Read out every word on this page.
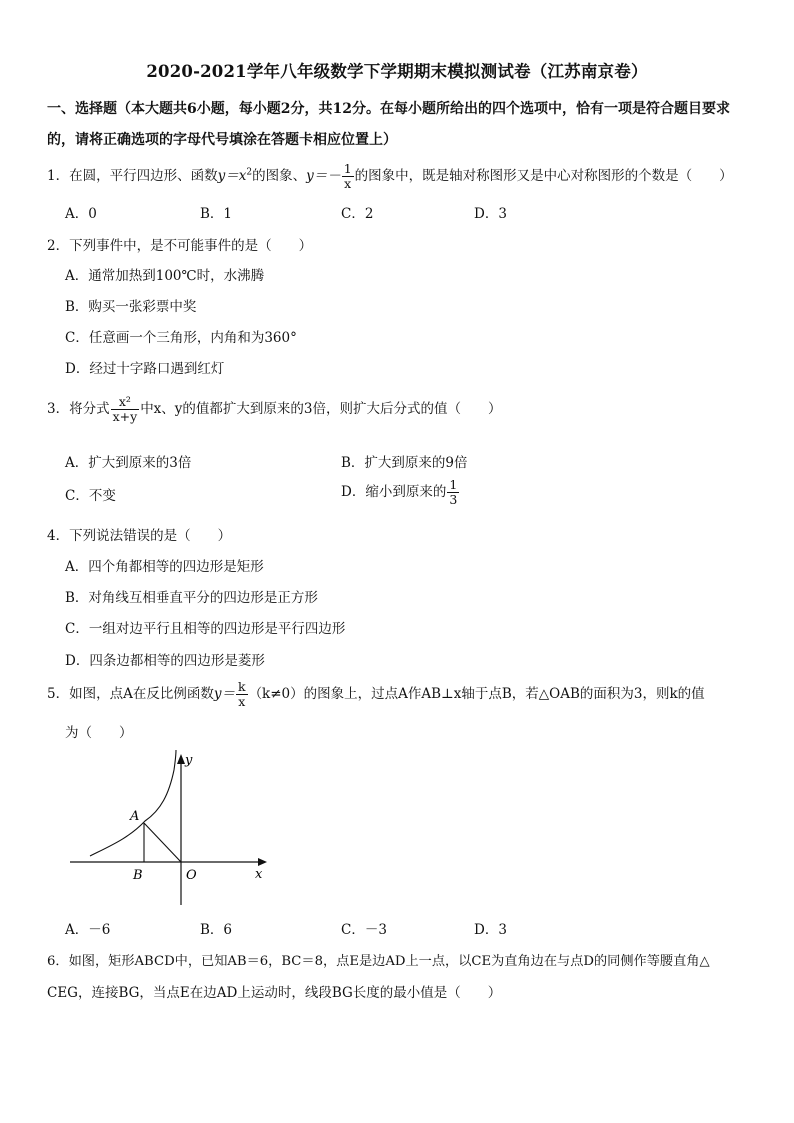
2020-2021学年八年级数学下学期期末模拟测试卷（江苏南京卷）
一、选择题（本大题共6小题，每小题2分，共12分。在每小题所给出的四个选项中，恰有一项是符合题目要求的，请将正确选项的字母代号填涂在答题卡相应位置上）
1．在圆，平行四边形、函数$y=x^2$的图象、$y=- \frac{1}{x}$ 的图象中，既是轴对称图形又是中心对称图形的个数是（　　）
A．0	B．1	C．2	D．3
2．下列事件中，是不可能事件的是（　　）
A．通常加热到100℃时，水沸腾
B．购买一张彩票中奖
C．任意画一个三角形，内角和为360°
D．经过十字路口遇到红灯
3．将分式 $\frac{\text{x²}}{x+y}$ 中x、y的值都扩大到原来的3倍，则扩大后分式的值（　　）
A．扩大到原来的3倍	B．扩大到原来的9倍
C．不变	D．缩小到原来的 $\frac{1}{3}$
4．下列说法错误的是（　　）
A．四个角都相等的四边形是矩形
B．对角线互相垂直平分的四边形是正方形
C．一组对边平行且相等的四边形是平行四边形
D．四条边都相等的四边形是菱形
5．如图，点A在反比例函数$y= \frac{k}{x} (k\ne 0)$的图象上，过点A作AB⊥x轴于点B，若△OAB的面积为3，则k的值
为（　　）
y
x
A
B	O
A．－6	B．6	C．－3	D．3
6．如图，矩形ABCD中，已知AB＝6，BC＝8，点E是边AD上一点，以CE为直角边在与点D的同侧作等腰直角△
CEG，连接BG，当点E在边AD上运动时，线段BG长度的最小值是（　　）
